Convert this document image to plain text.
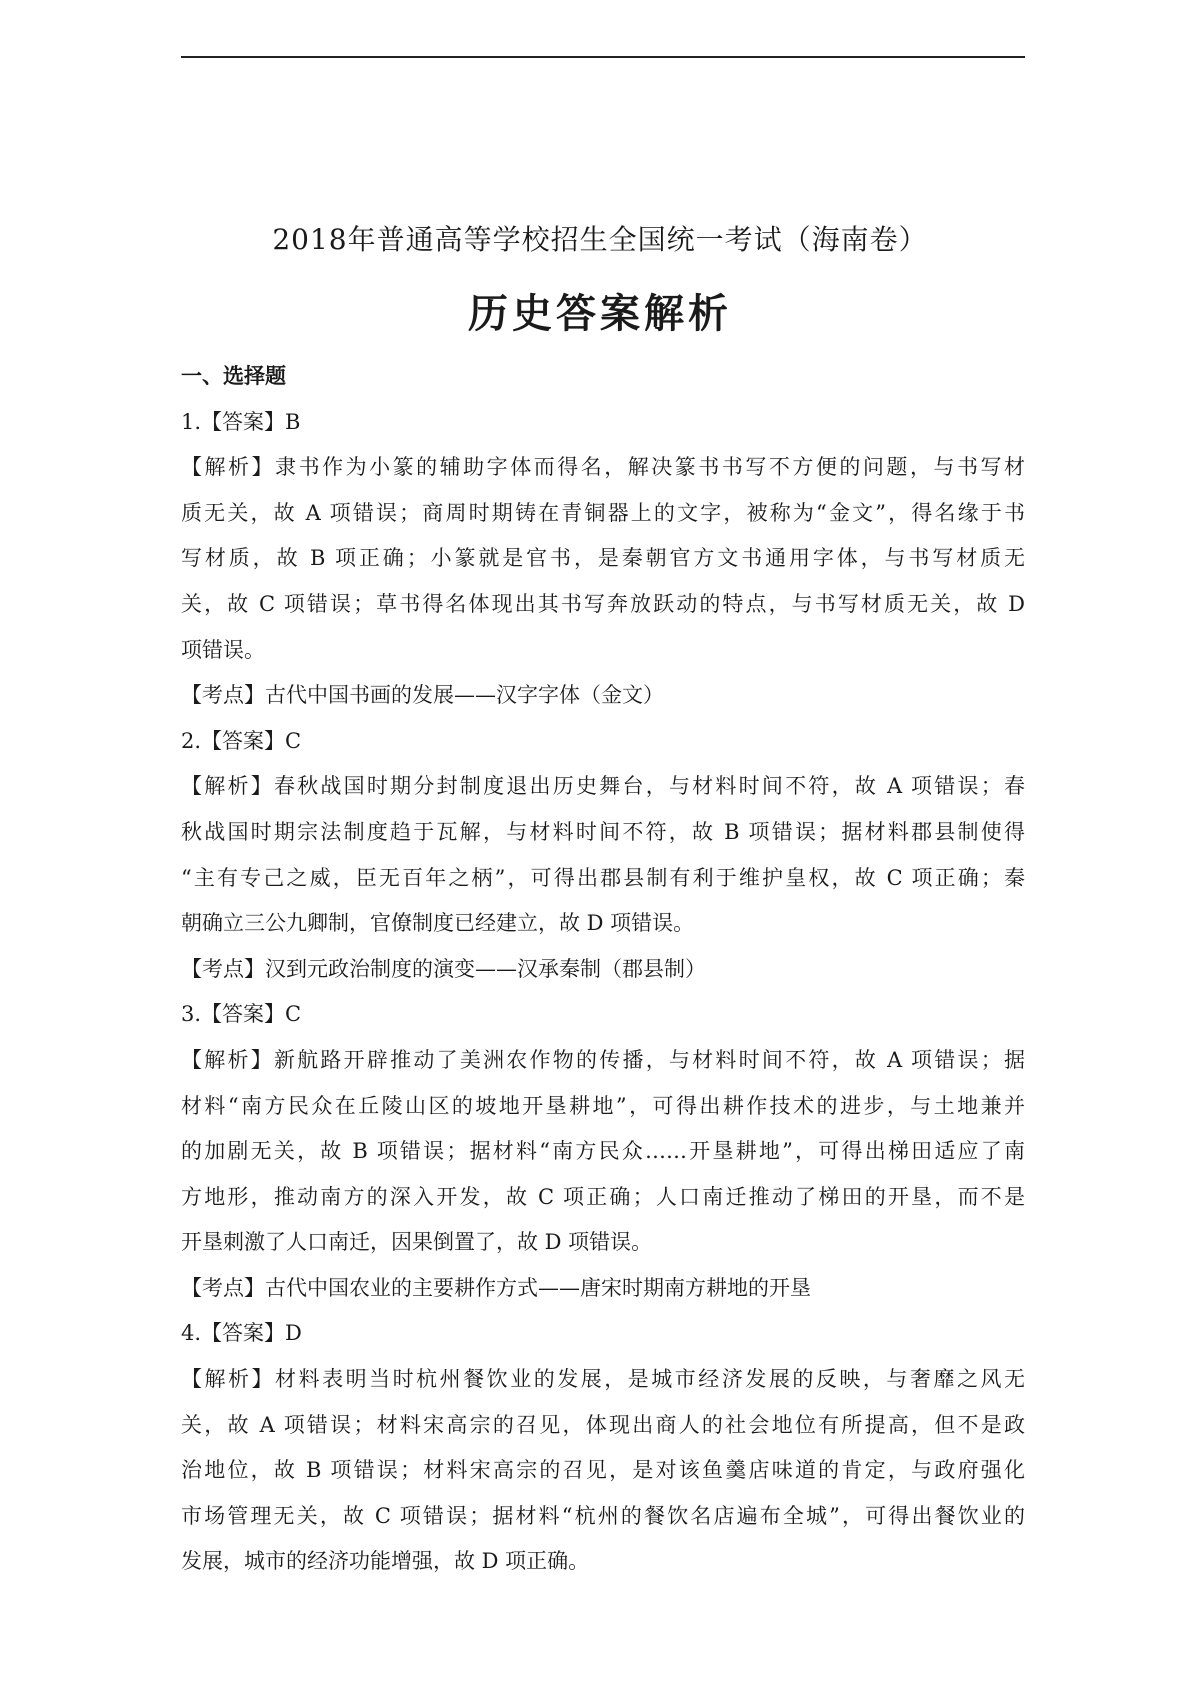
2018年普通高等学校招生全国统一考试（海南卷）
历史答案解析
一、选择题
1.【答案】B
【解析】隶书作为小篆的辅助字体而得名，解决篆书书写不方便的问题，与书写材
质无关，故 A 项错误；商周时期铸在青铜器上的文字，被称为“金文”，得名缘于书
写材质，故 B 项正确；小篆就是官书，是秦朝官方文书通用字体，与书写材质无
关，故 C 项错误；草书得名体现出其书写奔放跃动的特点，与书写材质无关，故 D
项错误。
【考点】古代中国书画的发展——汉字字体（金文）
2.【答案】C
【解析】春秋战国时期分封制度退出历史舞台，与材料时间不符，故 A 项错误；春
秋战国时期宗法制度趋于瓦解，与材料时间不符，故 B 项错误；据材料郡县制使得
“主有专己之威，臣无百年之柄”，可得出郡县制有利于维护皇权，故 C 项正确；秦
朝确立三公九卿制，官僚制度已经建立，故 D 项错误。
【考点】汉到元政治制度的演变——汉承秦制（郡县制）
3.【答案】C
【解析】新航路开辟推动了美洲农作物的传播，与材料时间不符，故 A 项错误；据
材料“南方民众在丘陵山区的坡地开垦耕地”，可得出耕作技术的进步，与土地兼并
的加剧无关，故 B 项错误；据材料“南方民众……开垦耕地”，可得出梯田适应了南
方地形，推动南方的深入开发，故 C 项正确；人口南迁推动了梯田的开垦，而不是
开垦刺激了人口南迁，因果倒置了，故 D 项错误。
【考点】古代中国农业的主要耕作方式——唐宋时期南方耕地的开垦
4.【答案】D
【解析】材料表明当时杭州餐饮业的发展，是城市经济发展的反映，与奢靡之风无
关，故 A 项错误；材料宋高宗的召见，体现出商人的社会地位有所提高，但不是政
治地位，故 B 项错误；材料宋高宗的召见，是对该鱼羹店味道的肯定，与政府强化
市场管理无关，故 C 项错误；据材料“杭州的餐饮名店遍布全城”，可得出餐饮业的
发展，城市的经济功能增强，故 D 项正确。
